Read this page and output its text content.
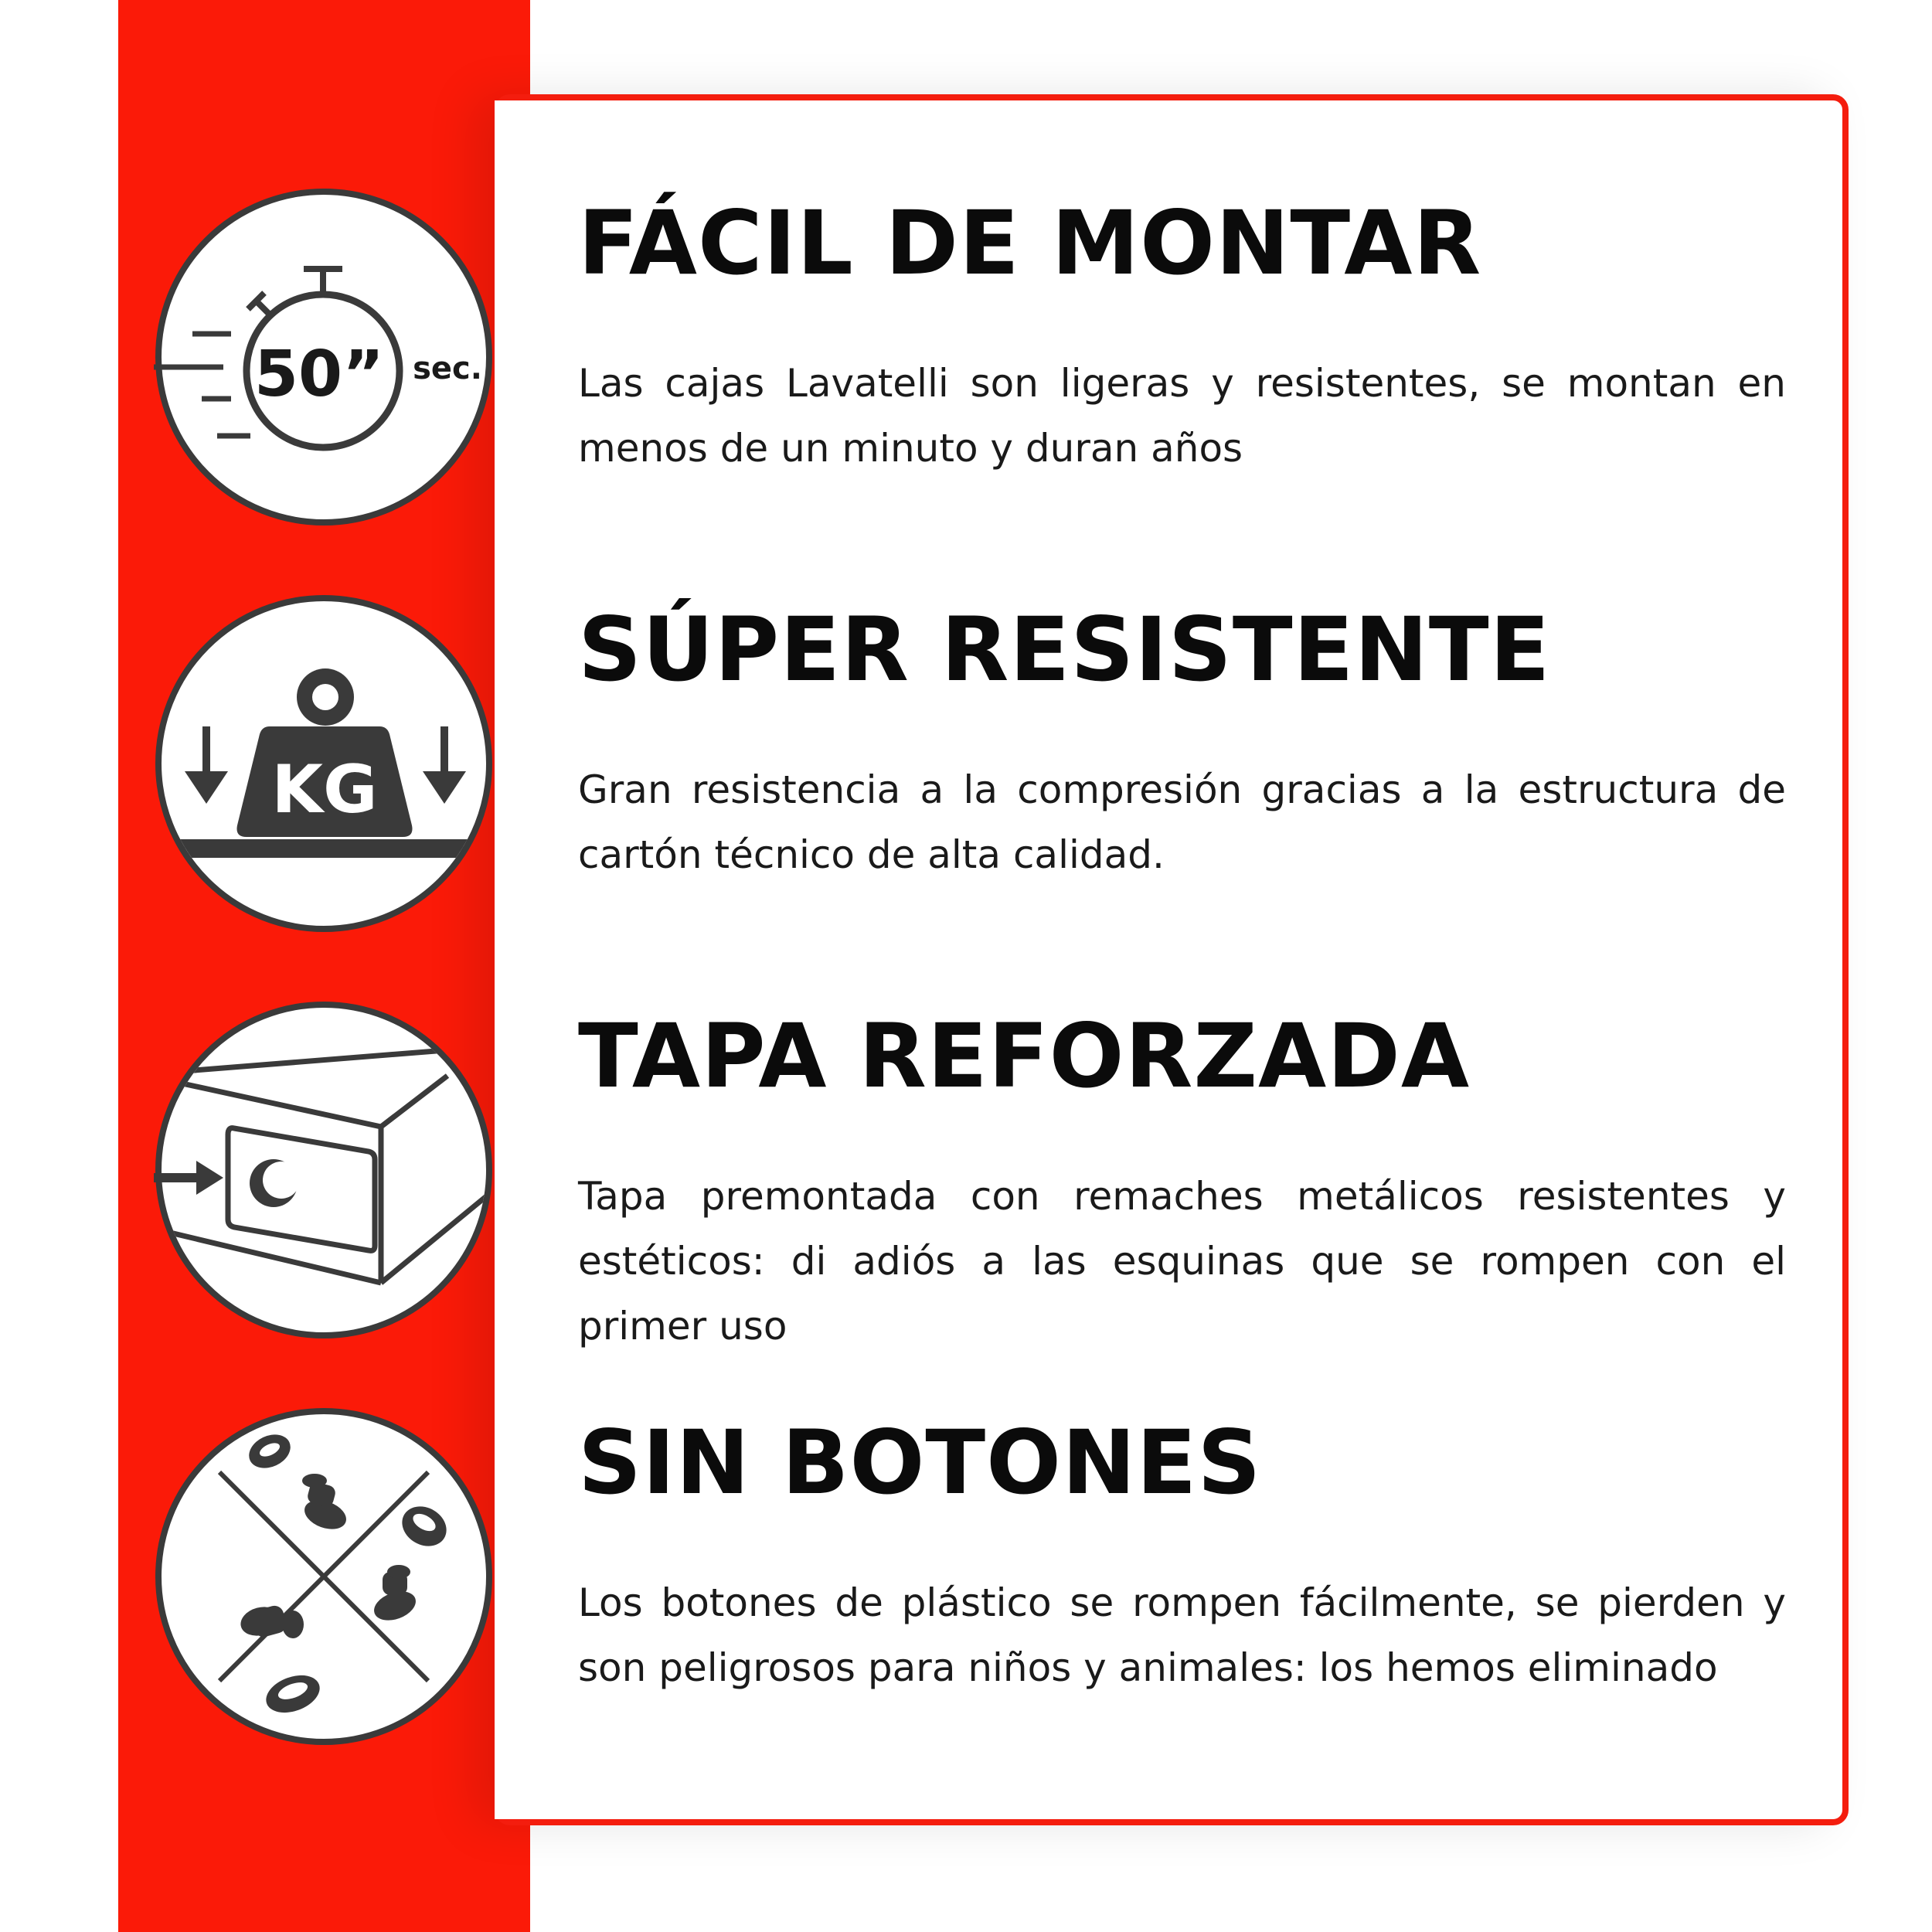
50” sec.
KG
FÁCIL DE MONTAR

Las cajas Lavatelli son ligeras y resistentes, se montan en menos de un minuto y duran años

SÚPER RESISTENTE

Gran resistencia a la compresión gracias a la estructura de cartón técnico de alta calidad.

TAPA REFORZADA

Tapa premontada con remaches metálicos resistentes y estéticos: di adiós a las esquinas que se rompen con el primer uso

SIN BOTONES

Los botones de plástico se rompen fácilmente, se pierden y son peligrosos para niños y animales: los hemos eliminado
